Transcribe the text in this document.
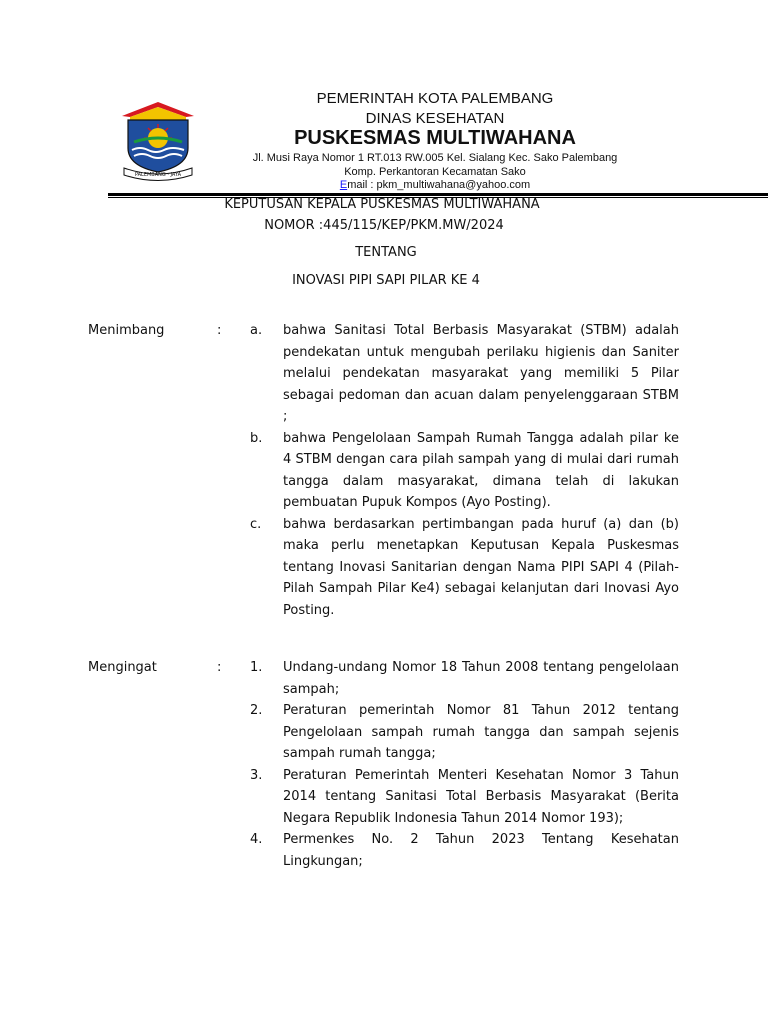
PALEMBANG · JAYA
PEMERINTAH KOTA PALEMBANG
DINAS KESEHATAN
PUSKESMAS MULTIWAHANA
Jl. Musi Raya Nomor 1 RT.013 RW.005 Kel. Sialang Kec. Sako Palembang
Komp. Perkantoran Kecamatan Sako
Email : pkm_multiwahana@yahoo.com
KEPUTUSAN KEPALA PUSKESMAS MULTIWAHANA
NOMOR :445/115/KEP/PKM.MW/2024
TENTANG
INOVASI PIPI SAPI PILAR KE 4
Menimbang	: a. bahwa Sanitasi Total Berbasis Masyarakat (STBM) adalah pendekatan untuk mengubah perilaku higienis dan Saniter melalui pendekatan masyarakat yang memiliki 5 Pilar sebagai pedoman dan acuan dalam penyelenggaraan STBM ;

b. bahwa Pengelolaan Sampah Rumah Tangga adalah pilar ke 4 STBM dengan cara pilah sampah yang di mulai dari rumah tangga dalam masyarakat, dimana telah di lakukan pembuatan Pupuk Kompos (Ayo Posting).

c. bahwa berdasarkan pertimbangan pada huruf (a) dan (b) maka perlu menetapkan Keputusan Kepala Puskesmas tentang Inovasi Sanitarian dengan Nama PIPI SAPI 4 (Pilah-Pilah Sampah Pilar Ke4) sebagai kelanjutan dari Inovasi Ayo Posting.

Mengingat	: 1. Undang-undang Nomor 18 Tahun 2008 tentang pengelolaan sampah;

2. Peraturan pemerintah Nomor 81 Tahun 2012 tentang Pengelolaan sampah rumah tangga dan sampah sejenis sampah rumah tangga;

3. Peraturan Pemerintah Menteri Kesehatan Nomor 3 Tahun 2014 tentang Sanitasi Total Berbasis Masyarakat (Berita Negara Republik Indonesia Tahun 2014 Nomor 193);

4. Permenkes No. 2 Tahun 2023 Tentang Kesehatan Lingkungan;
